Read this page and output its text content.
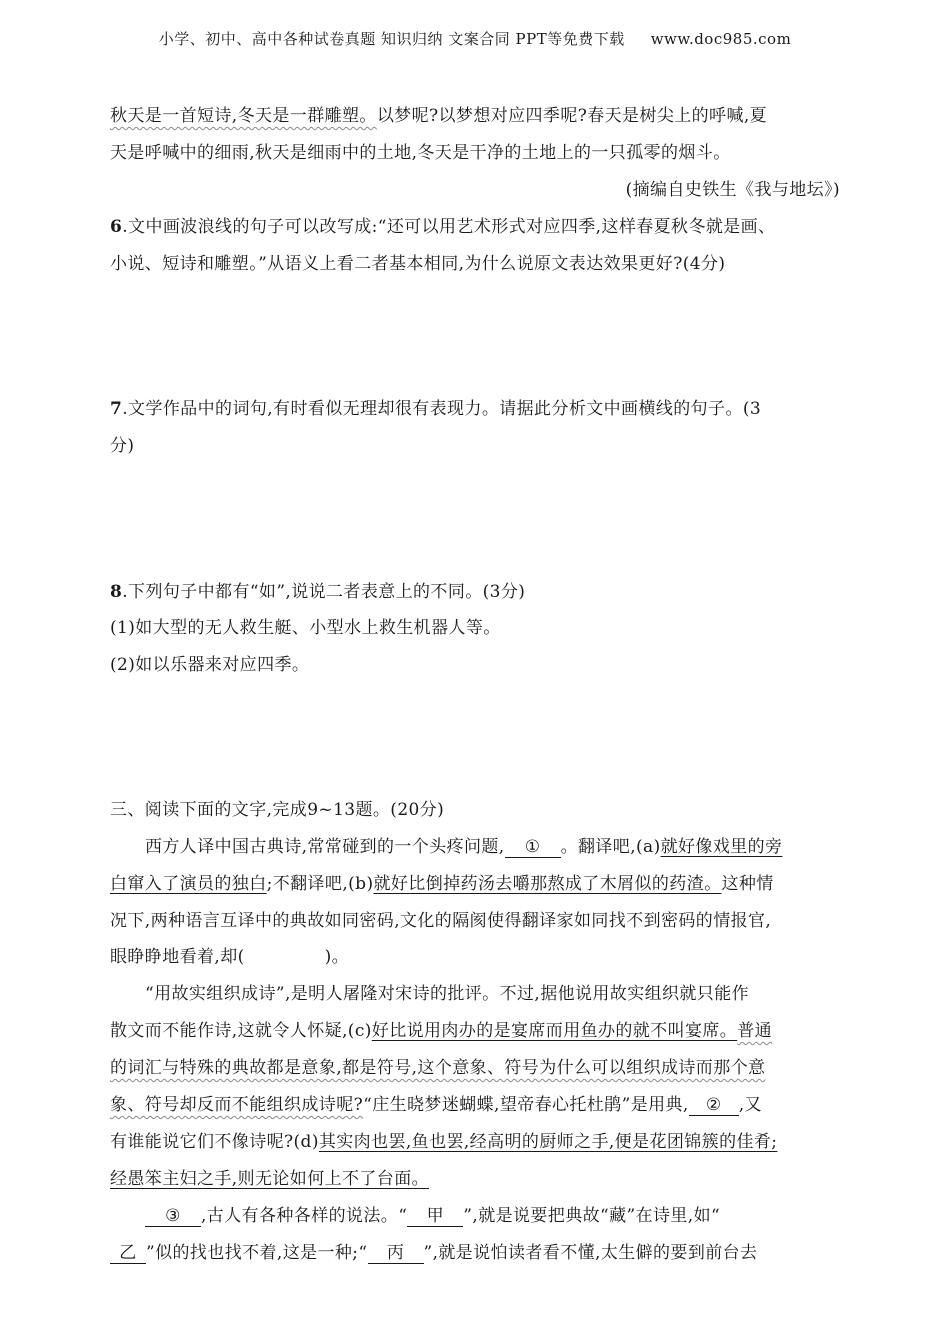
小学、初中、高中各种试卷真题 知识归纳 文案合同 PPT等免费下载 www.doc985.com
秋天是一首短诗,冬天是一群雕塑。以梦呢?以梦想对应四季呢?春天是树尖上的呼喊,夏
天是呼喊中的细雨,秋天是细雨中的土地,冬天是干净的土地上的一只孤零的烟斗。
(摘编自史铁生《我与地坛》)
6.文中画波浪线的句子可以改写成:“还可以用艺术形式对应四季,这样春夏秋冬就是画、
小说、短诗和雕塑。”从语义上看二者基本相同,为什么说原文表达效果更好?(4分)
7.文学作品中的词句,有时看似无理却很有表现力。请据此分析文中画横线的句子。(3
分)
8.下列句子中都有“如”,说说二者表意上的不同。(3分)
(1)如大型的无人救生艇、小型水上救生机器人等。
(2)如以乐器来对应四季。
三、阅读下面的文字,完成9~13题。(20分)
西方人译中国古典诗,常常碰到的一个头疼问题, ① 。翻译吧,(a)就好像戏里的旁
白窜入了演员的独白;不翻译吧,(b)就好比倒掉药汤去嚼那熬成了木屑似的药渣。这种情
况下,两种语言互译中的典故如同密码,文化的隔阂使得翻译家如同找不到密码的情报官,
眼睁睁地看着,却(	)。
“用故实组织成诗”,是明人屠隆对宋诗的批评。不过,据他说用故实组织就只能作
散文而不能作诗,这就令人怀疑,(c)好比说用肉办的是宴席而用鱼办的就不叫宴席。普通
的词汇与特殊的典故都是意象,都是符号,这个意象、符号为什么可以组织成诗而那个意
象、符号却反而不能组织成诗呢?“庄生晓梦迷蝴蝶,望帝春心托杜鹃”是用典, ② ,又
有谁能说它们不像诗呢?(d)其实肉也罢,鱼也罢,经高明的厨师之手,便是花团锦簇的佳肴;
经愚笨主妇之手,则无论如何上不了台面。
③ ,古人有各种各样的说法。“ 甲 ”,就是说要把典故“藏”在诗里,如“
乙 ”似的找也找不着,这是一种;“ 丙 ”,就是说怕读者看不懂,太生僻的要到前台去
